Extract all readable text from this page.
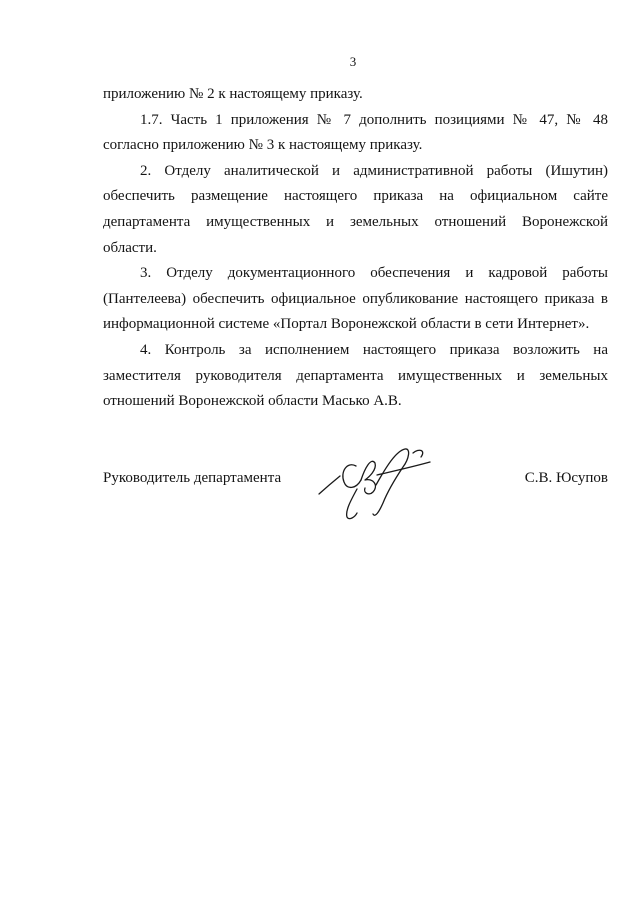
3
приложению № 2 к настоящему приказу.
1.7. Часть 1 приложения № 7 дополнить позициями № 47, № 48
согласно приложению № 3 к настоящему приказу.
2. Отделу аналитической и административной работы (Ишутин)
обеспечить размещение настоящего приказа на официальном сайте
департамента имущественных и земельных отношений Воронежской
области.
3. Отделу документационного обеспечения и кадровой работы
(Пантелеева) обеспечить официальное опубликование настоящего приказа в
информационной системе «Портал Воронежской области в сети Интернет».
4. Контроль за исполнением настоящего приказа возложить на
заместителя руководителя департамента имущественных и земельных
отношений Воронежской области Масько А.В.
Руководитель департамента	С.В. Юсупов
